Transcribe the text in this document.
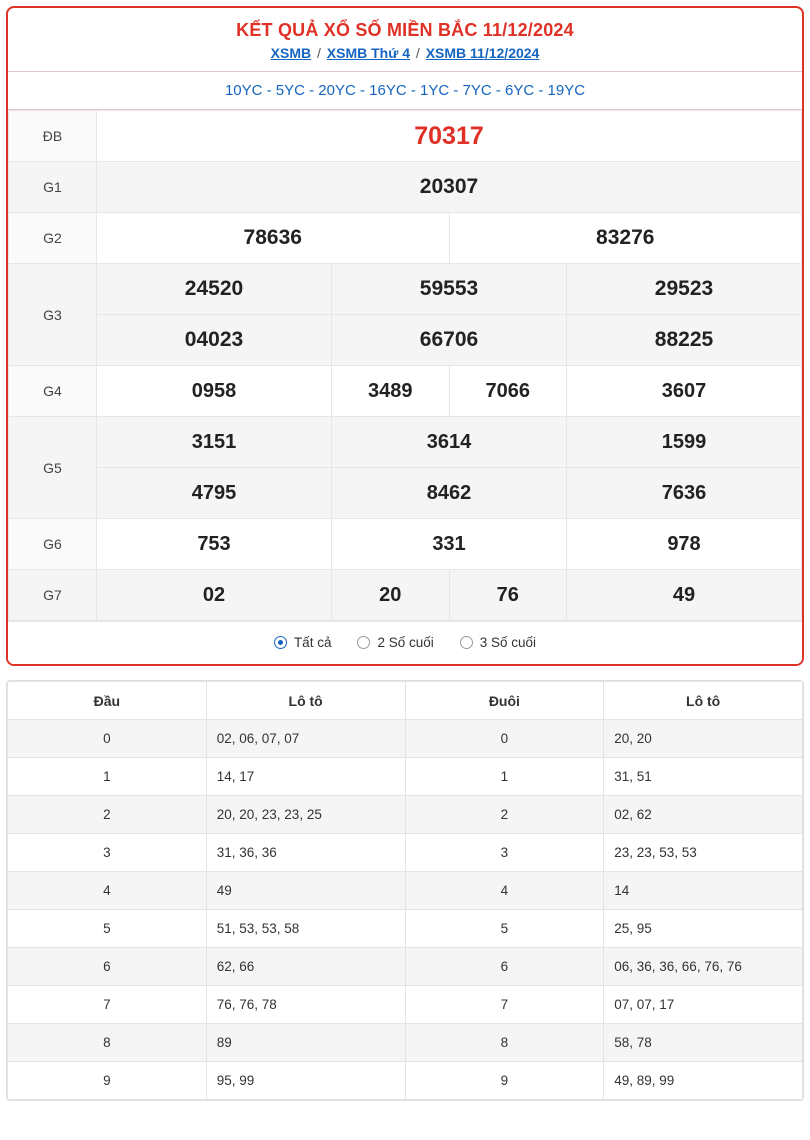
KẾT QUẢ XỔ SỐ MIỀN BẮC 11/12/2024
XSMB / XSMB Thứ 4 / XSMB 11/12/2024
10YC - 5YC - 20YC - 16YC - 1YC - 7YC - 6YC - 19YC
ĐB	70317			
G1	20307			
G2	78636		83276	
G3	24520	59553		29523
	04023	66706		88225
G4	0958	3489	7066	3607
G5	3151	3614		1599
	4795	8462		7636
G6	753	331		978
G7	02	20	76	49
Tất cả	2 Số cuối	3 Số cuối
Đầu	Lô tô	Đuôi	Lô tô
0	02, 06, 07, 07	0	20, 20
1	14, 17	1	31, 51
2	20, 20, 23, 23, 25	2	02, 62
3	31, 36, 36	3	23, 23, 53, 53
4	49	4	14
5	51, 53, 53, 58	5	25, 95
6	62, 66	6	06, 36, 36, 66, 76, 76
7	76, 76, 78	7	07, 07, 17
8	89	8	58, 78
9	95, 99	9	49, 89, 99
